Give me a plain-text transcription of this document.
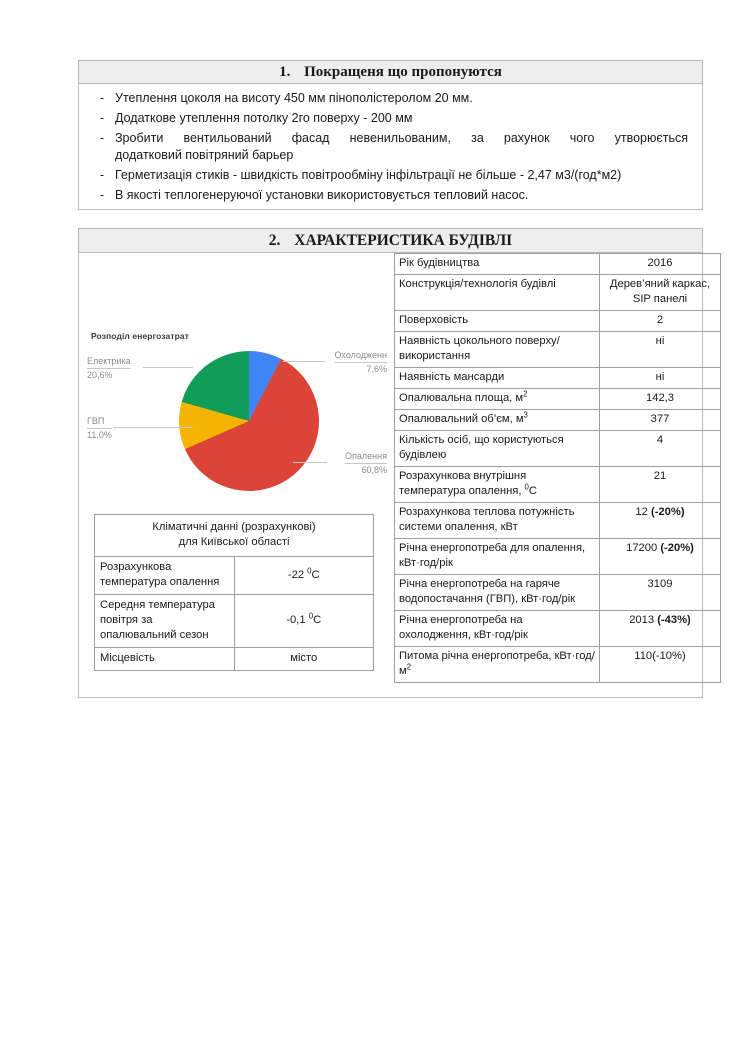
1. Покращеня що пропонуются
- Утеплення цоколя на висоту 450 мм пінополістеролом 20 мм.
- Додаткове утеплення потолку 2го поверху - 200 мм
- Зробити вентильований фасад невенильованим, за рахунок чого утворюється
додатковий повітряний барьер
- Герметизація стиків - швидкість повітрообміну інфільтрації не більше - 2,47 м3/(год*м2)
- В якості теплогенеруючої установки використовується тепловий насос.
2. ХАРАКТЕРИСТИКА БУДІВЛІ
Розподіл енергозатрат
Електрика
20,6%
ГВП
11,0%
Охолодженн
7,6%
Опалення
60,8%
Кліматичні данні (розрахункові)
для Київської області	
Розрахункова температура опалення	-22 $^0$С
Середня температура повітря за опалювальний сезон	-0,1 $^0$С
Місцевість	місто
Рік будівництва	2016
Конструкція/технологія будівлі	Дерев’яний каркас, SIP панелі
Поверховість	2
Наявність цокольного поверху/використання	ні
Наявність мансарди	ні
Опалювальна площа, $м^2$	142,3
Опалювальний об’єм, $м^3$	377
Кількість осіб, що користуються будівлею	4
Розрахункова внутрішня температура опалення, $^0$С	21
Розрахункова теплова потужність системи опалення, кВт	12 (-20%)
Річна енергопотреба для опалення, кВт·год/рік	17200 (-20%)
Річна енергопотреба на гаряче водопостачання (ГВП), кВт·год/рік	3109
Річна енергопотреба на охолодження, кВт·год/рік	2013 (-43%)
Питома річна енергопотреба, $кВт\cdot год/м^2$	110(-10%)
